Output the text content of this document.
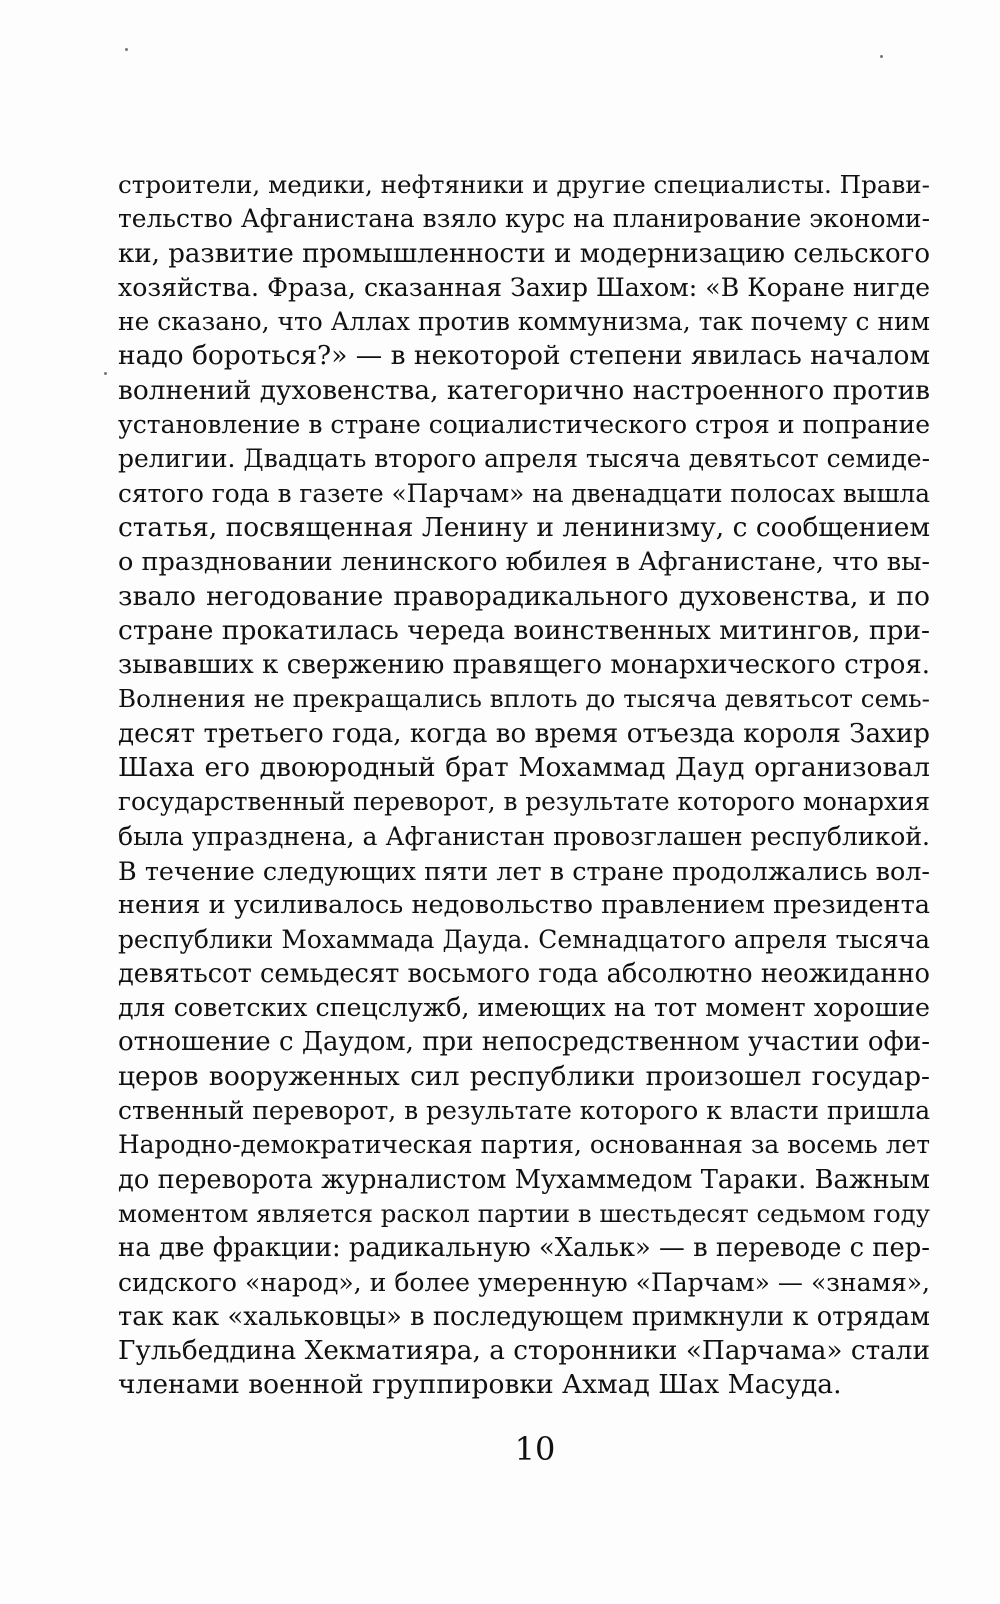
строители, медики, нефтяники и другие специалисты. Прави-
тельство Афганистана взяло курс на планирование экономи-
ки, развитие промышленности и модернизацию сельского
хозяйства. Фраза, сказанная Захир Шахом: «В Коране нигде
не сказано, что Аллах против коммунизма, так почему с ним
надо бороться?» — в некоторой степени явилась началом
волнений духовенства, категорично настроенного против
установление в стране социалистического строя и попрание
религии. Двадцать второго апреля тысяча девятьсот семиде-
сятого года в газете «Парчам» на двенадцати полосах вышла
статья, посвященная Ленину и ленинизму, с сообщением
о праздновании ленинского юбилея в Афганистане, что вы-
звало негодование праворадикального духовенства, и по
стране прокатилась череда воинственных митингов, при-
зывавших к свержению правящего монархического строя.
Волнения не прекращались вплоть до тысяча девятьсот семь-
десят третьего года, когда во время отъезда короля Захир
Шаха его двоюродный брат Мохаммад Дауд организовал
государственный переворот, в результате которого монархия
была упразднена, а Афганистан провозглашен республикой.
В течение следующих пяти лет в стране продолжались вол-
нения и усиливалось недовольство правлением президента
республики Мохаммада Дауда. Семнадцатого апреля тысяча
девятьсот семьдесят восьмого года абсолютно неожиданно
для советских спецслужб, имеющих на тот момент хорошие
отношение с Даудом, при непосредственном участии офи-
церов вооруженных сил республики произошел государ-
ственный переворот, в результате которого к власти пришла
Народно-демократическая партия, основанная за восемь лет
до переворота журналистом Мухаммедом Тараки. Важным
моментом является раскол партии в шестьдесят седьмом году
на две фракции: радикальную «Хальк» — в переводе с пер-
сидского «народ», и более умеренную «Парчам» — «знамя»,
так как «хальковцы» в последующем примкнули к отрядам
Гульбеддина Хекматияра, а сторонники «Парчама» стали
членами военной группировки Ахмад Шах Масуда.
10
